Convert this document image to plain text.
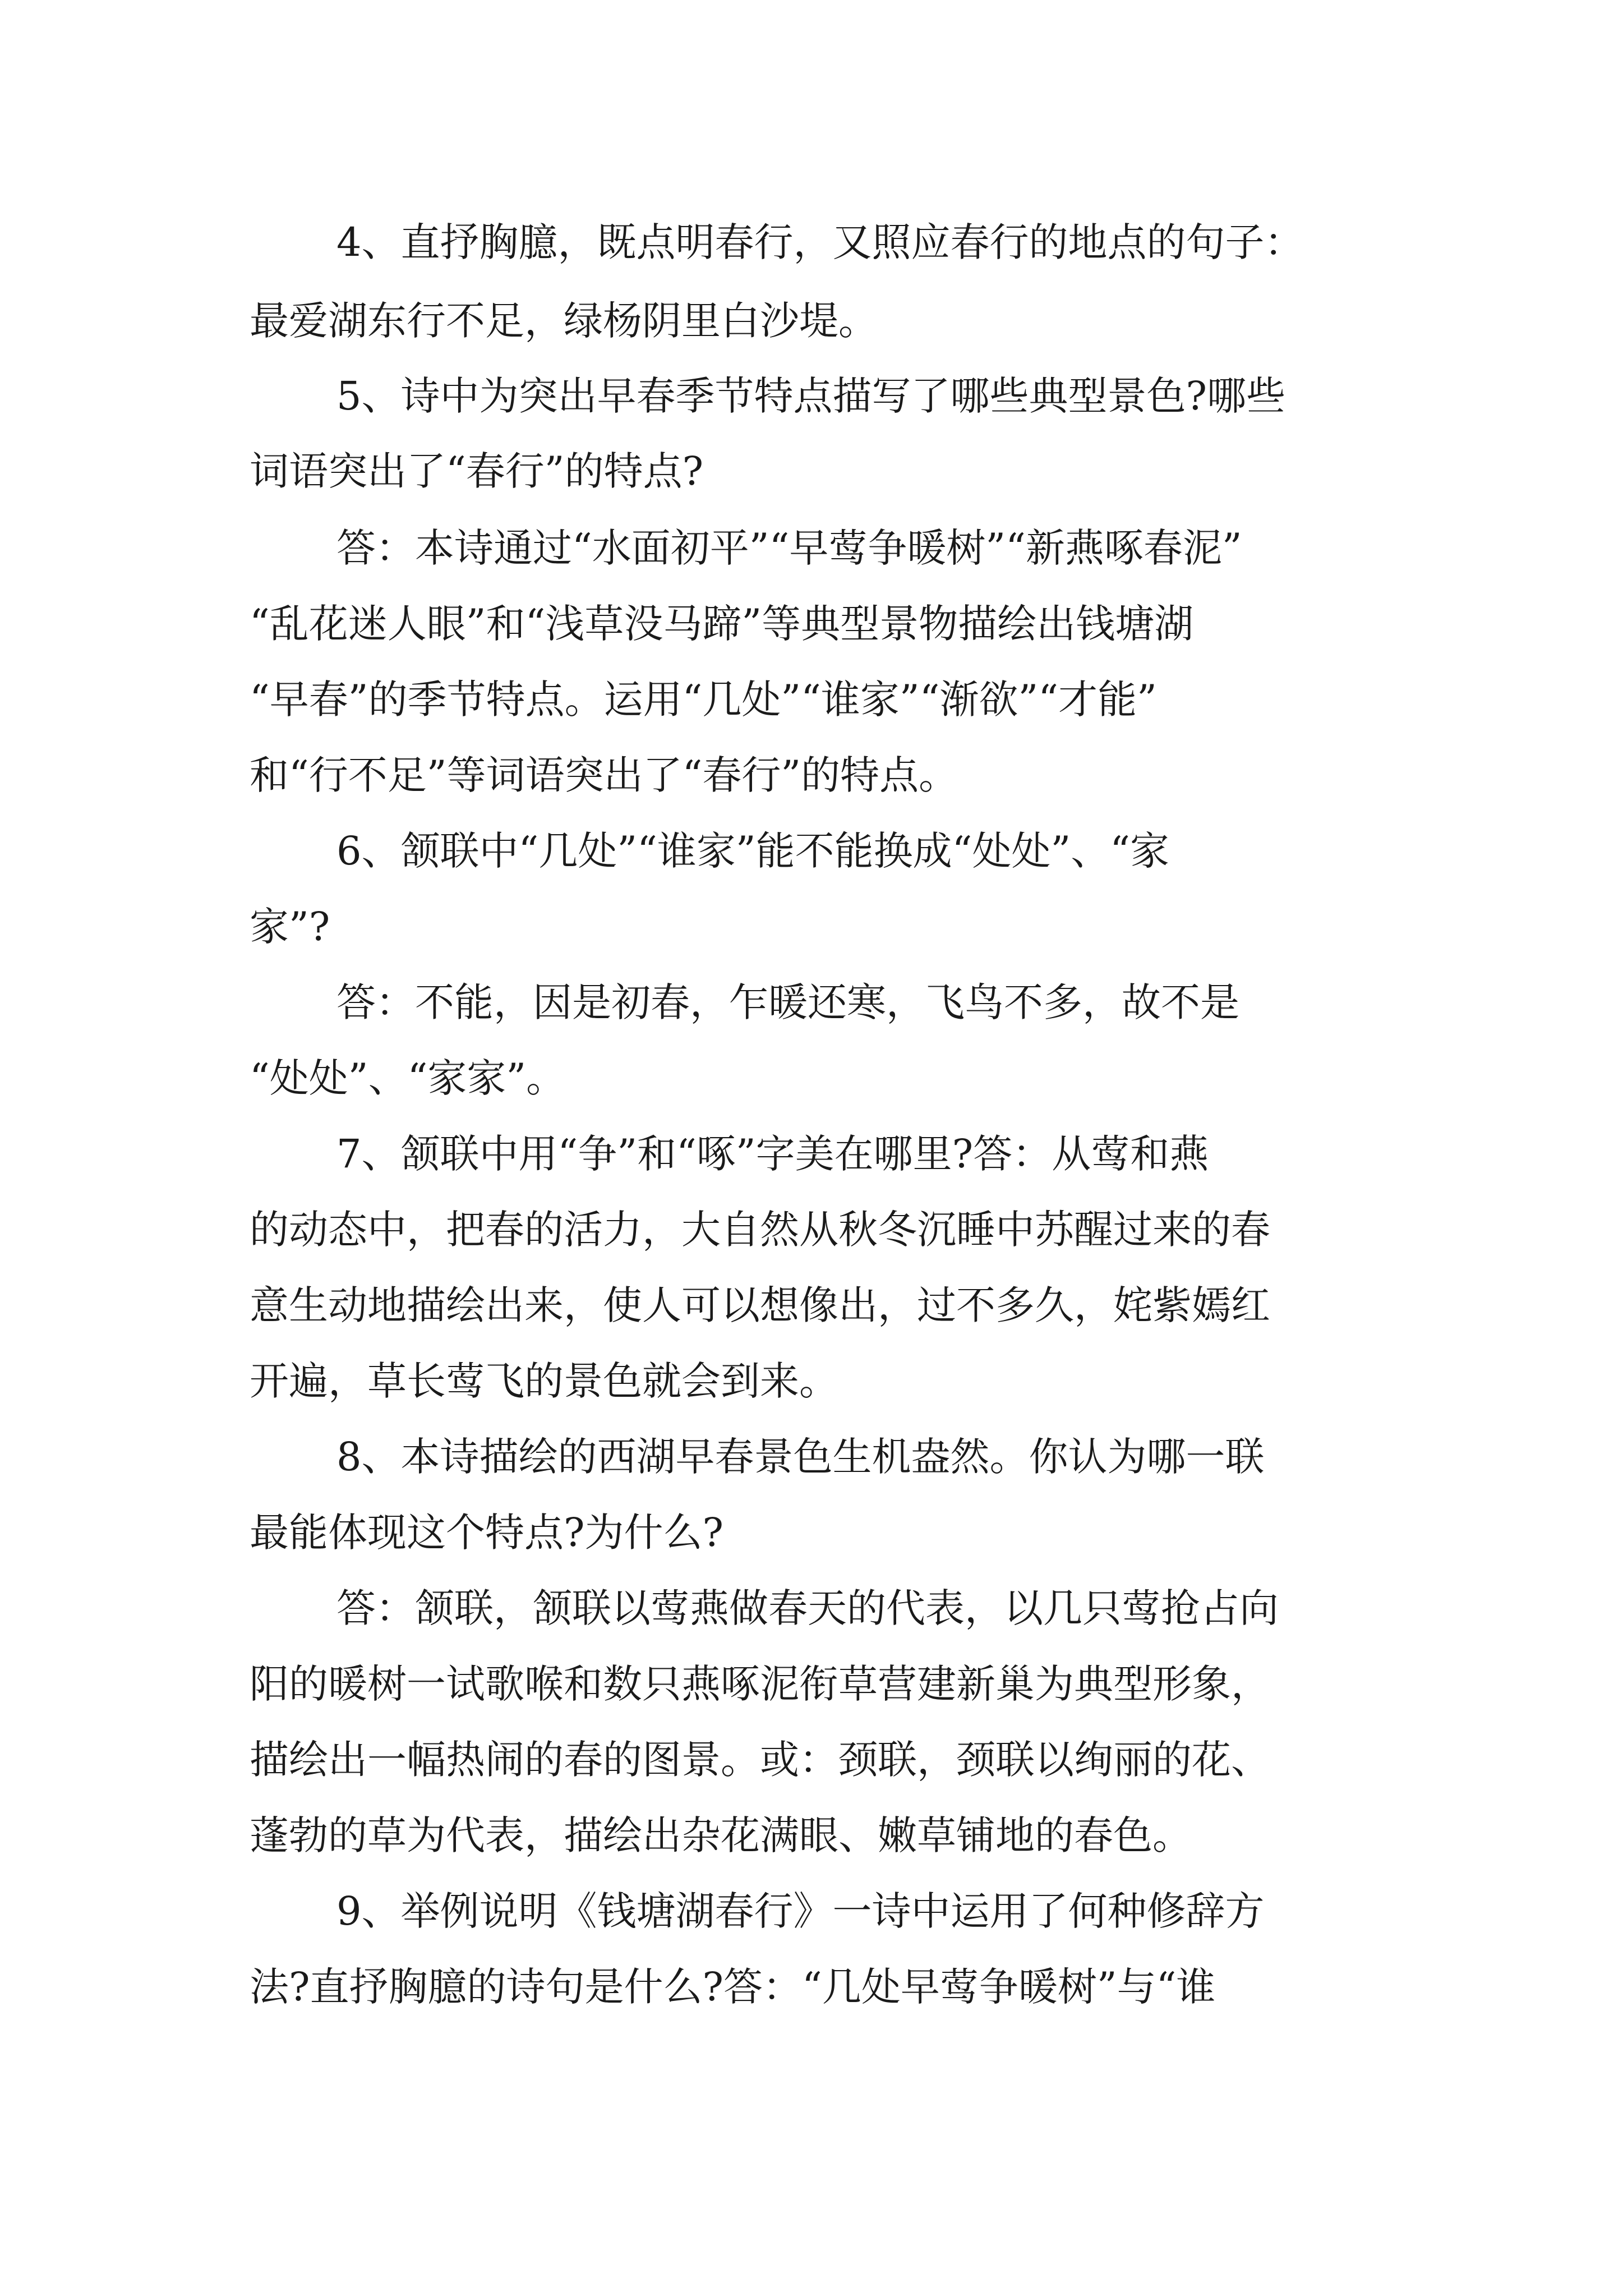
4、直抒胸臆，既点明春行，又照应春行的地点的句子：
最爱湖东行不足，绿杨阴里白沙堤。
5、诗中为突出早春季节特点描写了哪些典型景色?哪些
词语突出了“春行”的特点?
答：本诗通过“水面初平”“早莺争暖树”“新燕啄春泥”
“乱花迷人眼”和“浅草没马蹄”等典型景物描绘出钱塘湖
“早春”的季节特点。运用“几处”“谁家”“渐欲”“才能”
和“行不足”等词语突出了“春行”的特点。
6、颔联中“几处”“谁家”能不能换成“处处”、“家
家”?
答：不能，因是初春，乍暖还寒，飞鸟不多，故不是
“处处”、“家家”。
7、颔联中用“争”和“啄”字美在哪里?答：从莺和燕
的动态中，把春的活力，大自然从秋冬沉睡中苏醒过来的春
意生动地描绘出来，使人可以想像出，过不多久，姹紫嫣红
开遍，草长莺飞的景色就会到来。
8、本诗描绘的西湖早春景色生机盎然。你认为哪一联
最能体现这个特点?为什么?
答：颔联，颔联以莺燕做春天的代表，以几只莺抢占向
阳的暖树一试歌喉和数只燕啄泥衔草营建新巢为典型形象，
描绘出一幅热闹的春的图景。或：颈联，颈联以绚丽的花、
蓬勃的草为代表，描绘出杂花满眼、嫩草铺地的春色。
9、举例说明《钱塘湖春行》一诗中运用了何种修辞方
法?直抒胸臆的诗句是什么?答：“几处早莺争暖树”与“谁
